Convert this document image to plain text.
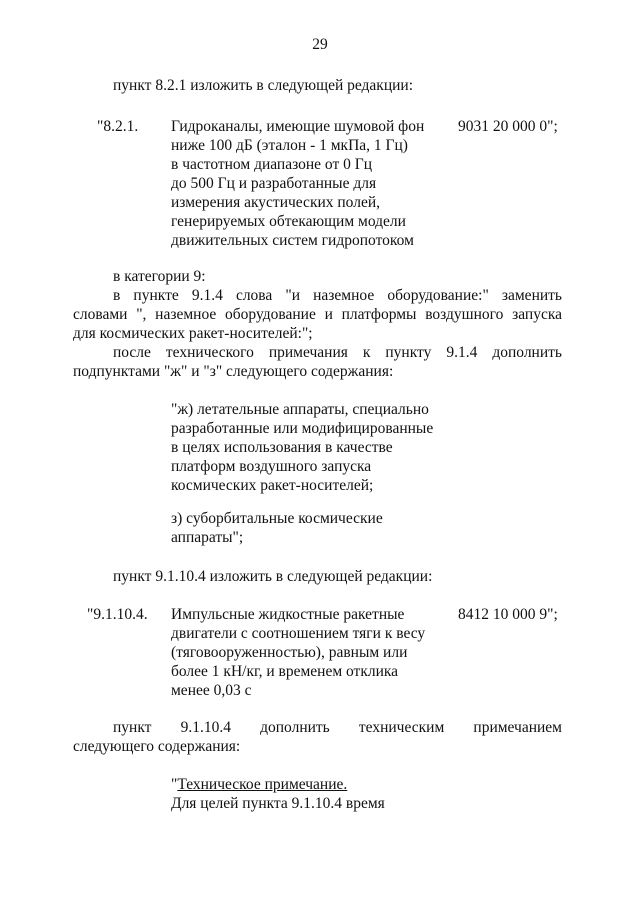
29
пункт 8.2.1 изложить в следующей редакции:
"8.2.1. Гидроканалы, имеющие шумовой фон
ниже 100 дБ (эталон - 1 мкПа, 1 Гц)
в частотном диапазоне от 0 Гц
до 500 Гц и разработанные для
измерения акустических полей,
генерируемых обтекающим модели
движительных систем гидропотоком
9031 20 000 0";
в категории 9:
в пункте 9.1.4 слова "и наземное оборудование:" заменить
словами ", наземное оборудование и платформы воздушного запуска
для космических ракет-носителей:";
после технического примечания к пункту 9.1.4 дополнить
подпунктами "ж" и "з" следующего содержания:
"ж) летательные аппараты, специально
разработанные или модифицированные
в целях использования в качестве
платформ воздушного запуска
космических ракет-носителей;
з) суборбитальные космические
аппараты";
пункт 9.1.10.4 изложить в следующей редакции:
"9.1.10.4. Импульсные жидкостные ракетные
двигатели с соотношением тяги к весу
(тяговооруженностью), равным или
более 1 кН/кг, и временем отклика
менее 0,03 с
8412 10 000 9";
пункт 9.1.10.4 дополнить техническим примечанием
следующего содержания:
"Техническое примечание.
Для целей пункта 9.1.10.4 время
